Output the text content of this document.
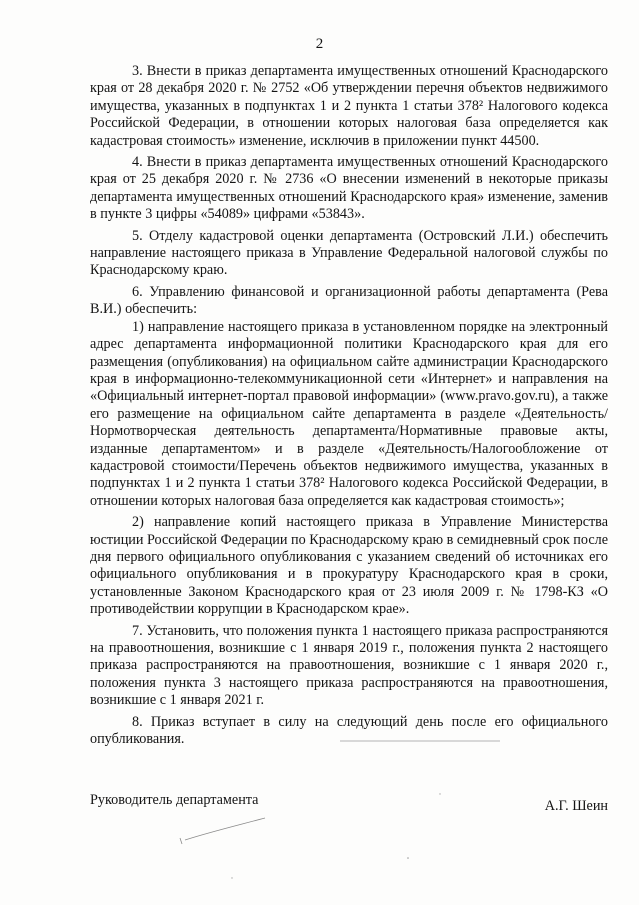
2

3. Внести в приказ департамента имущественных отношений Краснодарского края от 28 декабря 2020 г. № 2752 «Об утверждении перечня объектов недвижимого имущества, указанных в подпунктах 1 и 2 пункта 1 статьи 378² Налогового кодекса Российской Федерации, в отношении которых налоговая база определяется как кадастровая стоимость» изменение, исключив в приложении пункт 44500.

4. Внести в приказ департамента имущественных отношений Краснодарского края от 25 декабря 2020 г. № 2736 «О внесении изменений в некоторые приказы департамента имущественных отношений Краснодарского края» изменение, заменив в пункте 3 цифры «54089» цифрами «53843».

5. Отделу кадастровой оценки департамента (Островский Л.И.) обеспечить направление настоящего приказа в Управление Федеральной налоговой службы по Краснодарскому краю.

6. Управлению финансовой и организационной работы департамента (Рева В.И.) обеспечить:

1) направление настоящего приказа в установленном порядке на электронный адрес департамента информационной политики Краснодарского края для его размещения (опубликования) на официальном сайте администрации Краснодарского края в информационно-телекоммуникационной сети «Интернет» и направления на «Официальный интернет-портал правовой информации» (www.pravo.gov.ru), а также его размещение на официальном сайте департамента в разделе «Деятельность/Нормотворческая деятельность департамента/Нормативные правовые акты, изданные департаментом» и в разделе «Деятельность/Налогообложение от кадастровой стоимости/Перечень объектов недвижимого имущества, указанных в подпунктах 1 и 2 пункта 1 статьи 378² Налогового кодекса Российской Федерации, в отношении которых налоговая база определяется как кадастровая стоимость»;

2) направление копий настоящего приказа в Управление Министерства юстиции Российской Федерации по Краснодарскому краю в семидневный срок после дня первого официального опубликования с указанием сведений об источниках его официального опубликования и в прокуратуру Краснодарского края в сроки, установленные Законом Краснодарского края от 23 июля 2009 г. № 1798-КЗ «О противодействии коррупции в Краснодарском крае».

7. Установить, что положения пункта 1 настоящего приказа распространяются на правоотношения, возникшие с 1 января 2019 г., положения пункта 2 настоящего приказа распространяются на правоотношения, возникшие с 1 января 2020 г., положения пункта 3 настоящего приказа распространяются на правоотношения, возникшие с 1 января 2021 г.

8. Приказ вступает в силу на следующий день после его официального опубликования.

Руководитель департамента	А.Г. Шеин
